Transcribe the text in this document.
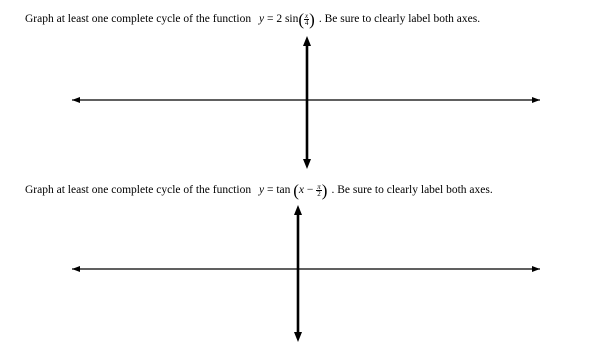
Graph at least one complete cycle of the function y = 2 $\sin( \frac{x}{4}$ ) . Be sure to clearly label both axes.
Graph at least one complete cycle of the function $y = \tan (x - \frac{\pi}{2}$ ) . Be sure to clearly label both axes.
